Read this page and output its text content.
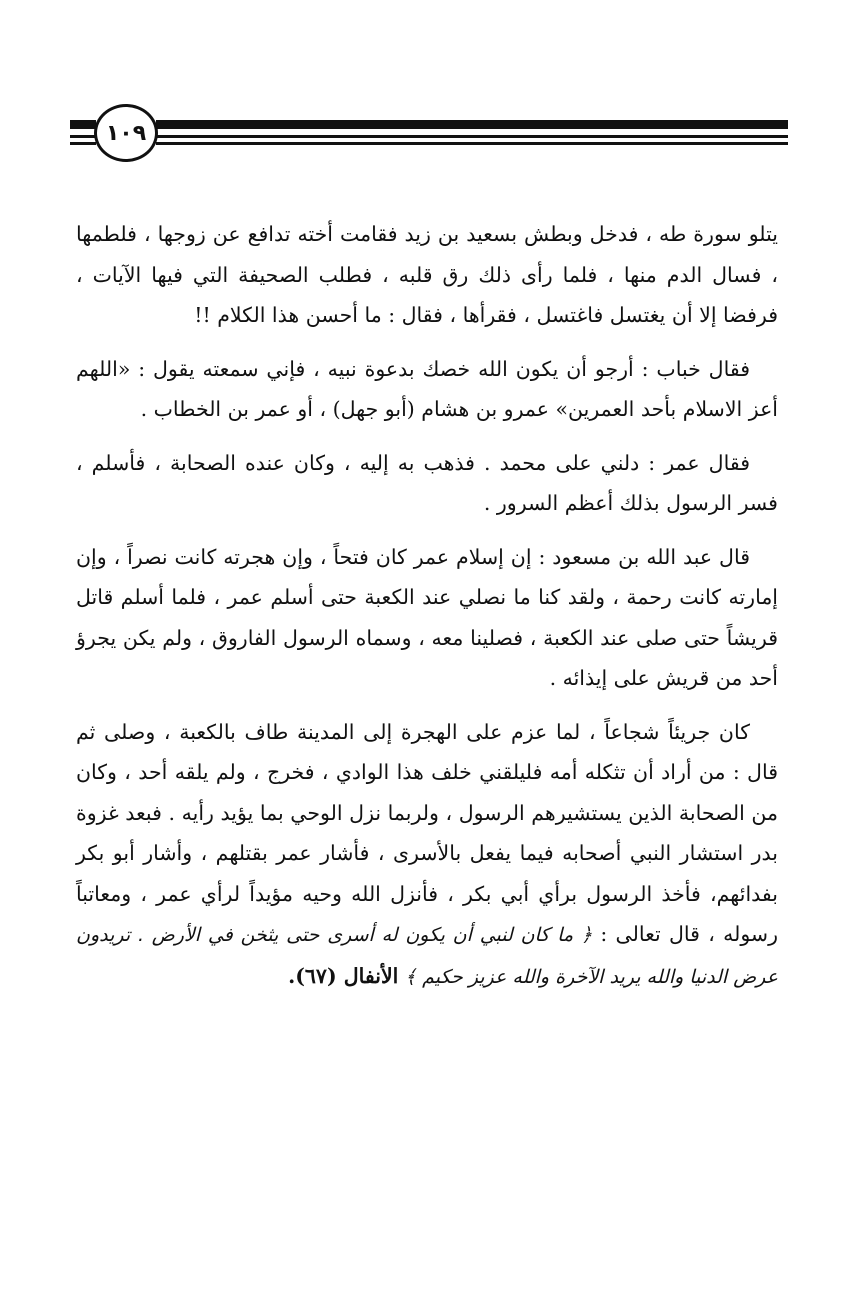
١٠٩

يتلو سورة طه ، فدخل وبطش بسعيد بن زيد فقامت أخته تدافع عن زوجها ، فلطمها ، فسال الدم منها ، فلما رأى ذلك رق قلبه ، فطلب الصحيفة التي فيها الآيات ، فرفضا إلا أن يغتسل فاغتسل ، فقرأها ، فقال : ما أحسن هذا الكلام !!

فقال خباب : أرجو أن يكون الله خصك بدعوة نبيه ، فإني سمعته يقول : «اللهم أعز الاسلام بأحد العمرين» عمرو بن هشام (أبو جهل) ، أو عمر بن الخطاب .

فقال عمر : دلني على محمد . فذهب به إليه ، وكان عنده الصحابة ، فأسلم ، فسر الرسول بذلك أعظم السرور .

قال عبد الله بن مسعود : إن إسلام عمر كان فتحاً ، وإن هجرته كانت نصراً ، وإن إمارته كانت رحمة ، ولقد كنا ما نصلي عند الكعبة حتى أسلم عمر ، فلما أسلم قاتل قريشاً حتى صلى عند الكعبة ، فصلينا معه ، وسماه الرسول الفاروق ، ولم يكن يجرؤ أحد من قريش على إيذائه .

كان جريئاً شجاعاً ، لما عزم على الهجرة إلى المدينة طاف بالكعبة ، وصلى ثم قال : من أراد أن تثكله أمه فليلقني خلف هذا الوادي ، فخرج ، ولم يلقه أحد ، وكان من الصحابة الذين يستشيرهم الرسول ، ولربما نزل الوحي بما يؤيد رأيه . فبعد غزوة بدر استشار النبي أصحابه فيما يفعل بالأسرى ، فأشار عمر بقتلهم ، وأشار أبو بكر بفدائهم، فأخذ الرسول برأي أبي بكر ، فأنزل الله وحيه مؤيداً لرأي عمر ، ومعاتباً رسوله ، قال تعالى : ﴿ ما كان لنبي أن يكون له أسرى حتى يثخن في الأرض . تريدون عرض الدنيا والله يريد الآخرة والله عزيز حكيم ﴾ الأنفال (٦٧).
